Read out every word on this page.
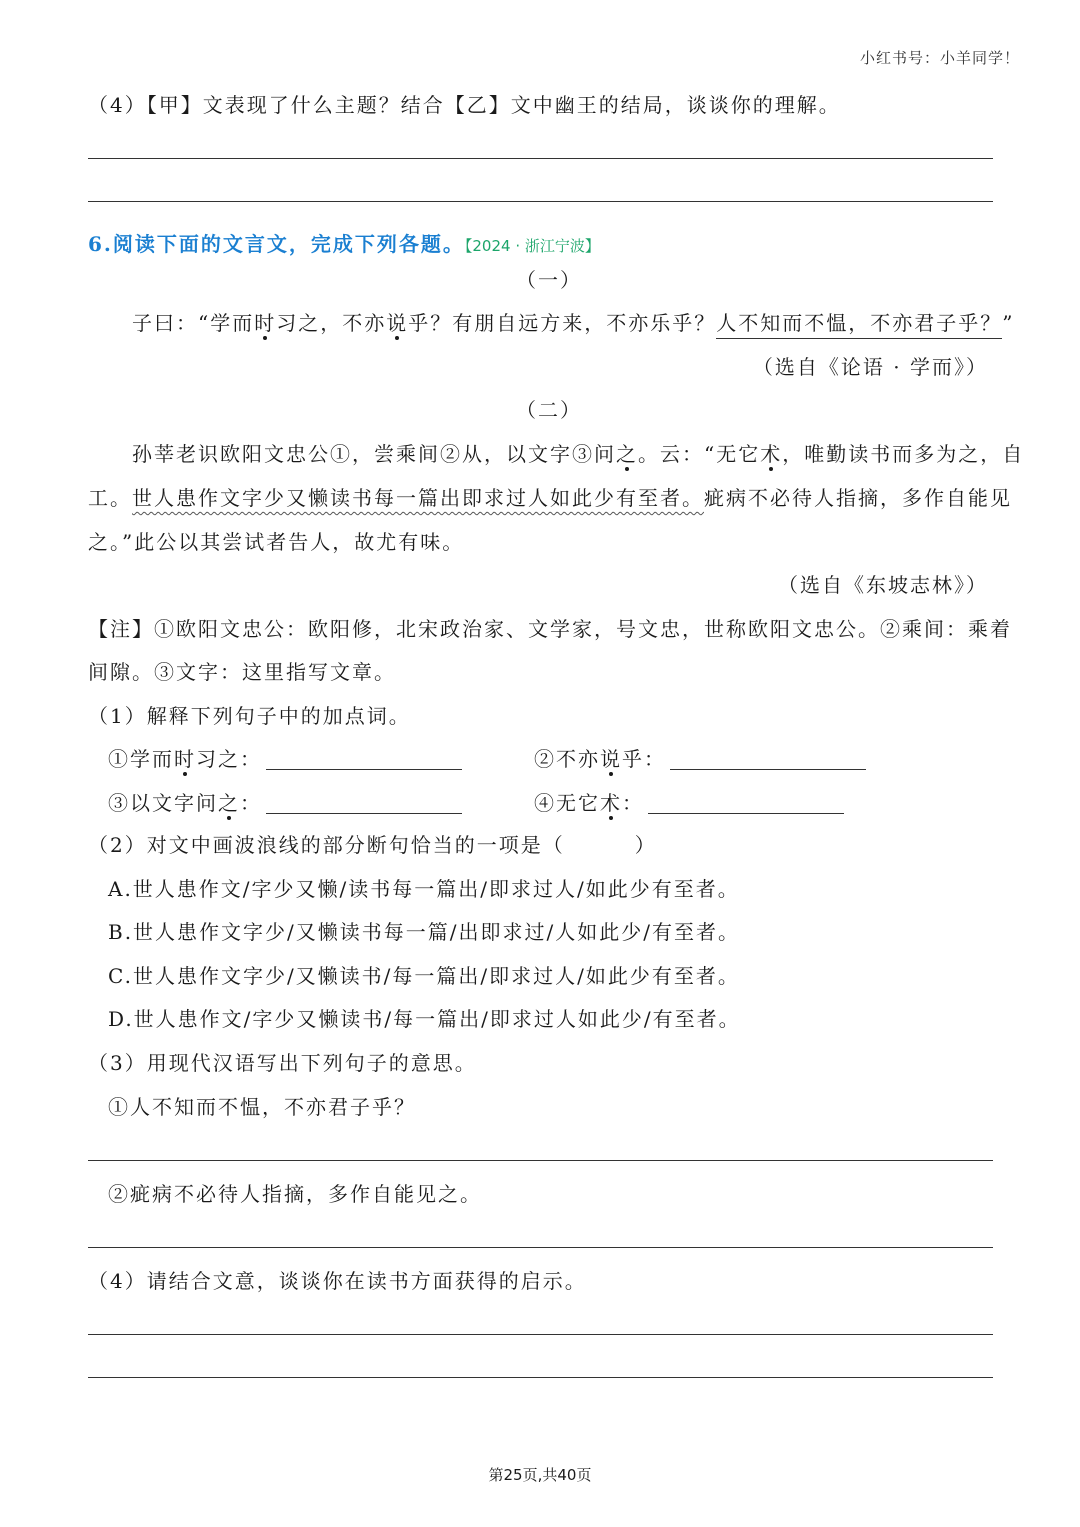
小红书号：小羊同学！
（4）【甲】文表现了什么主题？结合【乙】文中幽王的结局，谈谈你的理解。
6.阅读下面的文言文，完成下列各题。【2024 · 浙江宁波】
（一）
子曰：“学而时习之，不亦说乎？有朋自远方来，不亦乐乎？人不知而不愠，不亦君子乎？”
（选自《论语 · 学而》）
（二）
孙莘老识欧阳文忠公①，尝乘间②从，以文字③问之。云：“无它术，唯勤读书而多为之，自
工。世人患作文字少又懒读书每一篇出即求过人如此少有至者。疵病不必待人指摘，多作自能见
之。”此公以其尝试者告人，故尤有味。
（选自《东坡志林》）
【注】①欧阳文忠公：欧阳修，北宋政治家、文学家，号文忠，世称欧阳文忠公。②乘间：乘着
间隙。③文字：这里指写文章。
（1）解释下列句子中的加点词。
①学而时习之：	②不亦说乎：
③以文字问之：	④无它术：
（2）对文中画波浪线的部分断句恰当的一项是（	）
A.世人患作文/字少又懒/读书每一篇出/即求过人/如此少有至者。
B.世人患作文字少/又懒读书每一篇/出即求过/人如此少/有至者。
C.世人患作文字少/又懒读书/每一篇出/即求过人/如此少有至者。
D.世人患作文/字少又懒读书/每一篇出/即求过人如此少/有至者。
（3）用现代汉语写出下列句子的意思。
①人不知而不愠，不亦君子乎？
②疵病不必待人指摘，多作自能见之。
（4）请结合文意，谈谈你在读书方面获得的启示。
第25页,共40页
